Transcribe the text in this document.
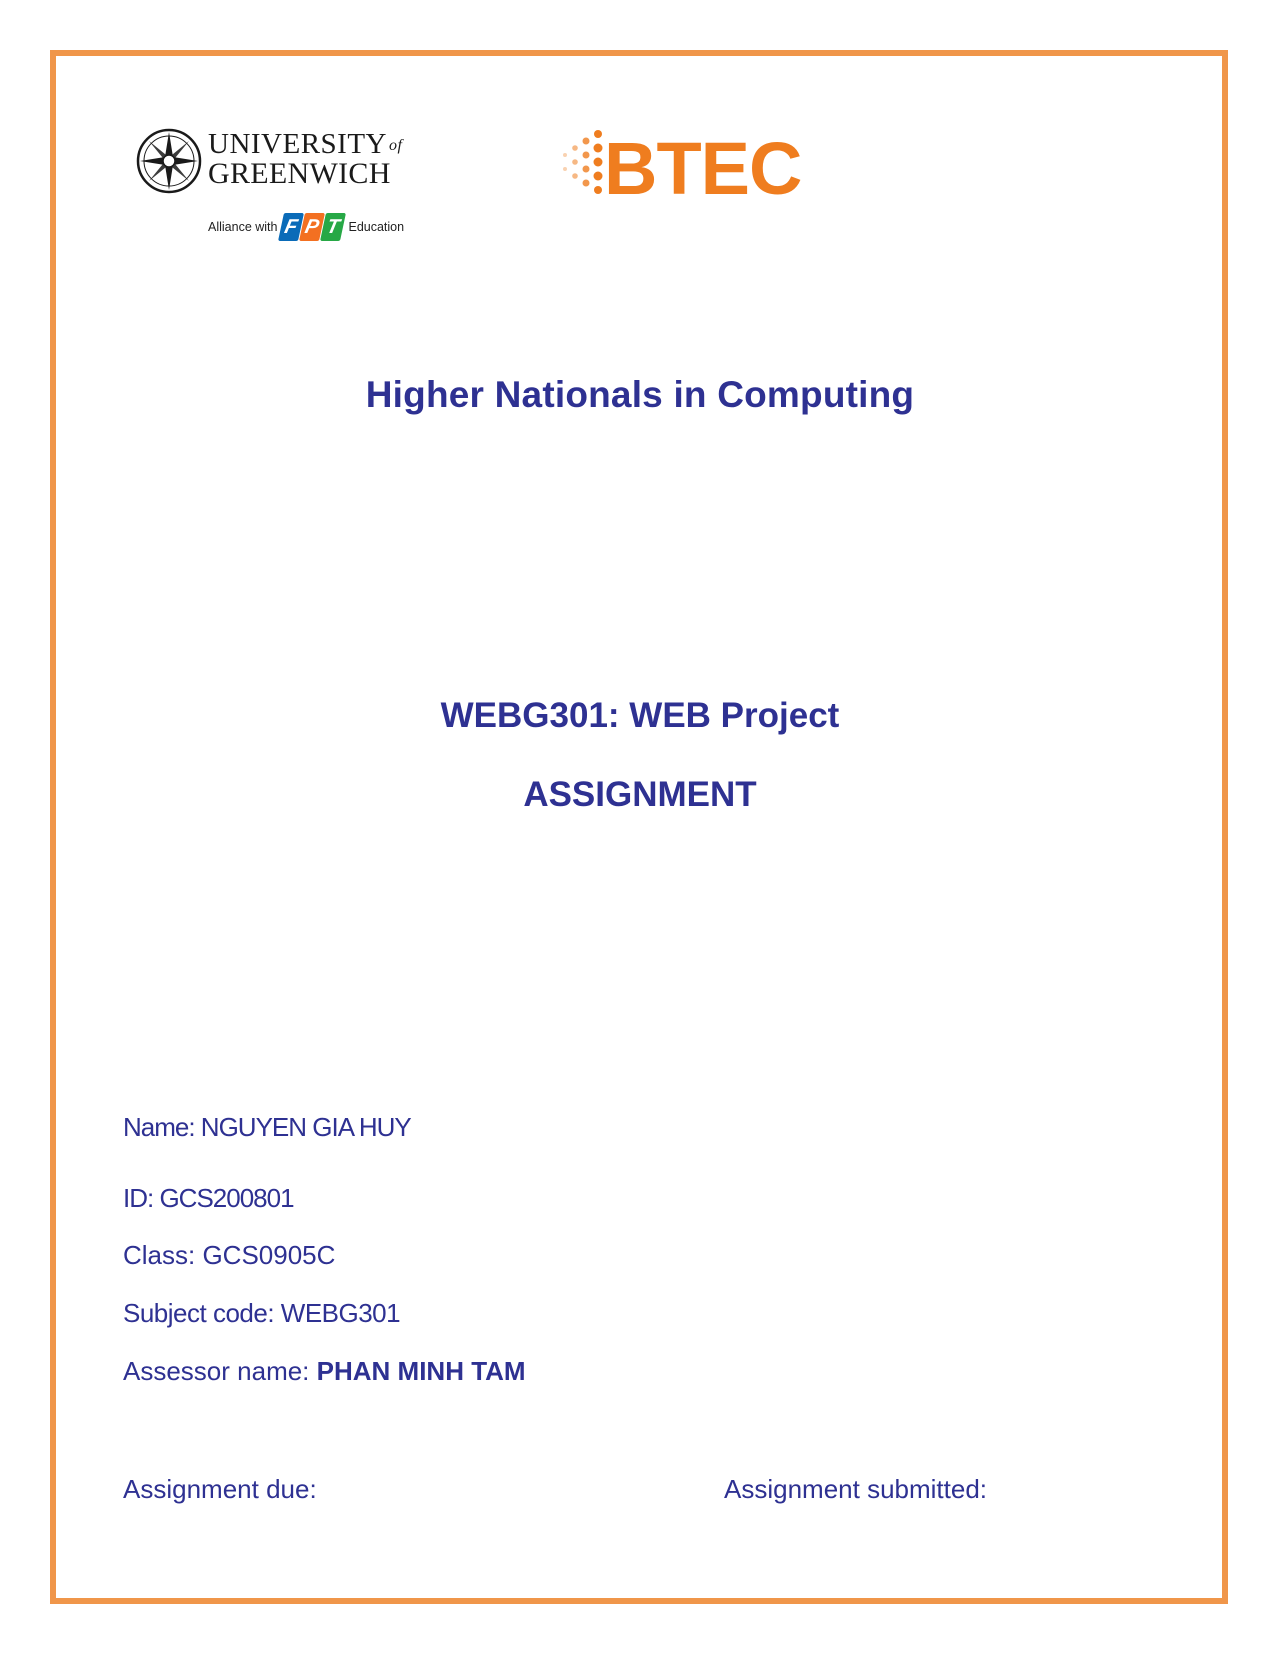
UNIVERSITY of
GREENWICH
Alliance with F P T Education
BTEC
Higher Nationals in Computing
WEBG301: WEB Project
ASSIGNMENT
Name: NGUYEN GIA HUY
ID: GCS200801
Class: GCS0905C
Subject code: WEBG301
Assessor name: PHAN MINH TAM
Assignment due:	Assignment submitted:
